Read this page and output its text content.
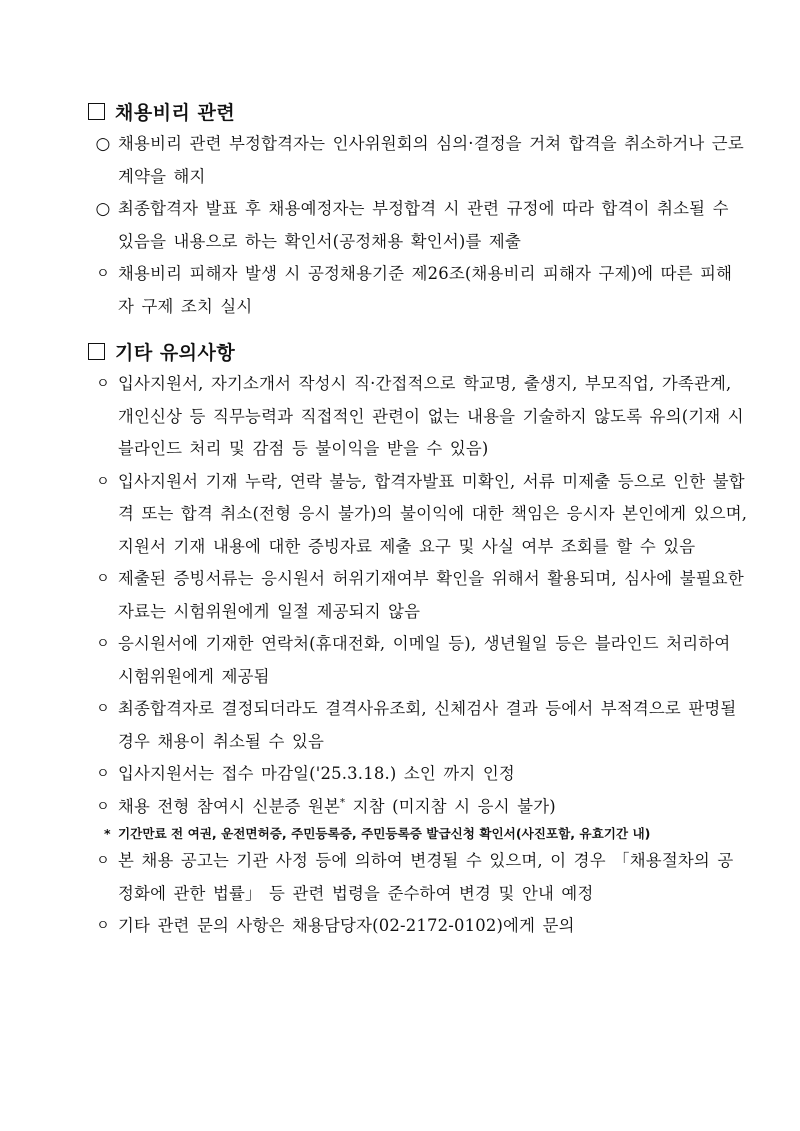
채용비리 관련
○ 채용비리 관련 부정합격자는 인사위원회의 심의·결정을 거쳐 합격을 취소하거나 근로계약을 해지
○ 최종합격자 발표 후 채용예정자는 부정합격 시 관련 규정에 따라 합격이 취소될 수 있음을 내용으로 하는 확인서(공정채용 확인서)를 제출
ㅇ 채용비리 피해자 발생 시 공정채용기준 제26조(채용비리 피해자 구제)에 따른 피해자 구제 조치 실시
기타 유의사항
ㅇ 입사지원서, 자기소개서 작성시 직·간접적으로 학교명, 출생지, 부모직업, 가족관계, 개인신상 등 직무능력과 직접적인 관련이 없는 내용을 기술하지 않도록 유의(기재 시 블라인드 처리 및 감점 등 불이익을 받을 수 있음)
ㅇ 입사지원서 기재 누락, 연락 불능, 합격자발표 미확인, 서류 미제출 등으로 인한 불합격 또는 합격 취소(전형 응시 불가)의 불이익에 대한 책임은 응시자 본인에게 있으며, 지원서 기재 내용에 대한 증빙자료 제출 요구 및 사실 여부 조회를 할 수 있음
ㅇ 제출된 증빙서류는 응시원서 허위기재여부 확인을 위해서 활용되며, 심사에 불필요한 자료는 시험위원에게 일절 제공되지 않음
ㅇ 응시원서에 기재한 연락처(휴대전화, 이메일 등), 생년월일 등은 블라인드 처리하여 시험위원에게 제공됨
ㅇ 최종합격자로 결정되더라도 결격사유조회, 신체검사 결과 등에서 부적격으로 판명될 경우 채용이 취소될 수 있음
ㅇ 입사지원서는 접수 마감일('25.3.18.) 소인 까지 인정
ㅇ 채용 전형 참여시 신분증 원본* 지참 (미지참 시 응시 불가)
* 기간만료 전 여권, 운전면허증, 주민등록증, 주민등록증 발급신청 확인서(사진포함, 유효기간 내)
ㅇ 본 채용 공고는 기관 사정 등에 의하여 변경될 수 있으며, 이 경우 「채용절차의 공정화에 관한 법률」 등 관련 법령을 준수하여 변경 및 안내 예정
ㅇ 기타 관련 문의 사항은 채용담당자(02-2172-0102)에게 문의
